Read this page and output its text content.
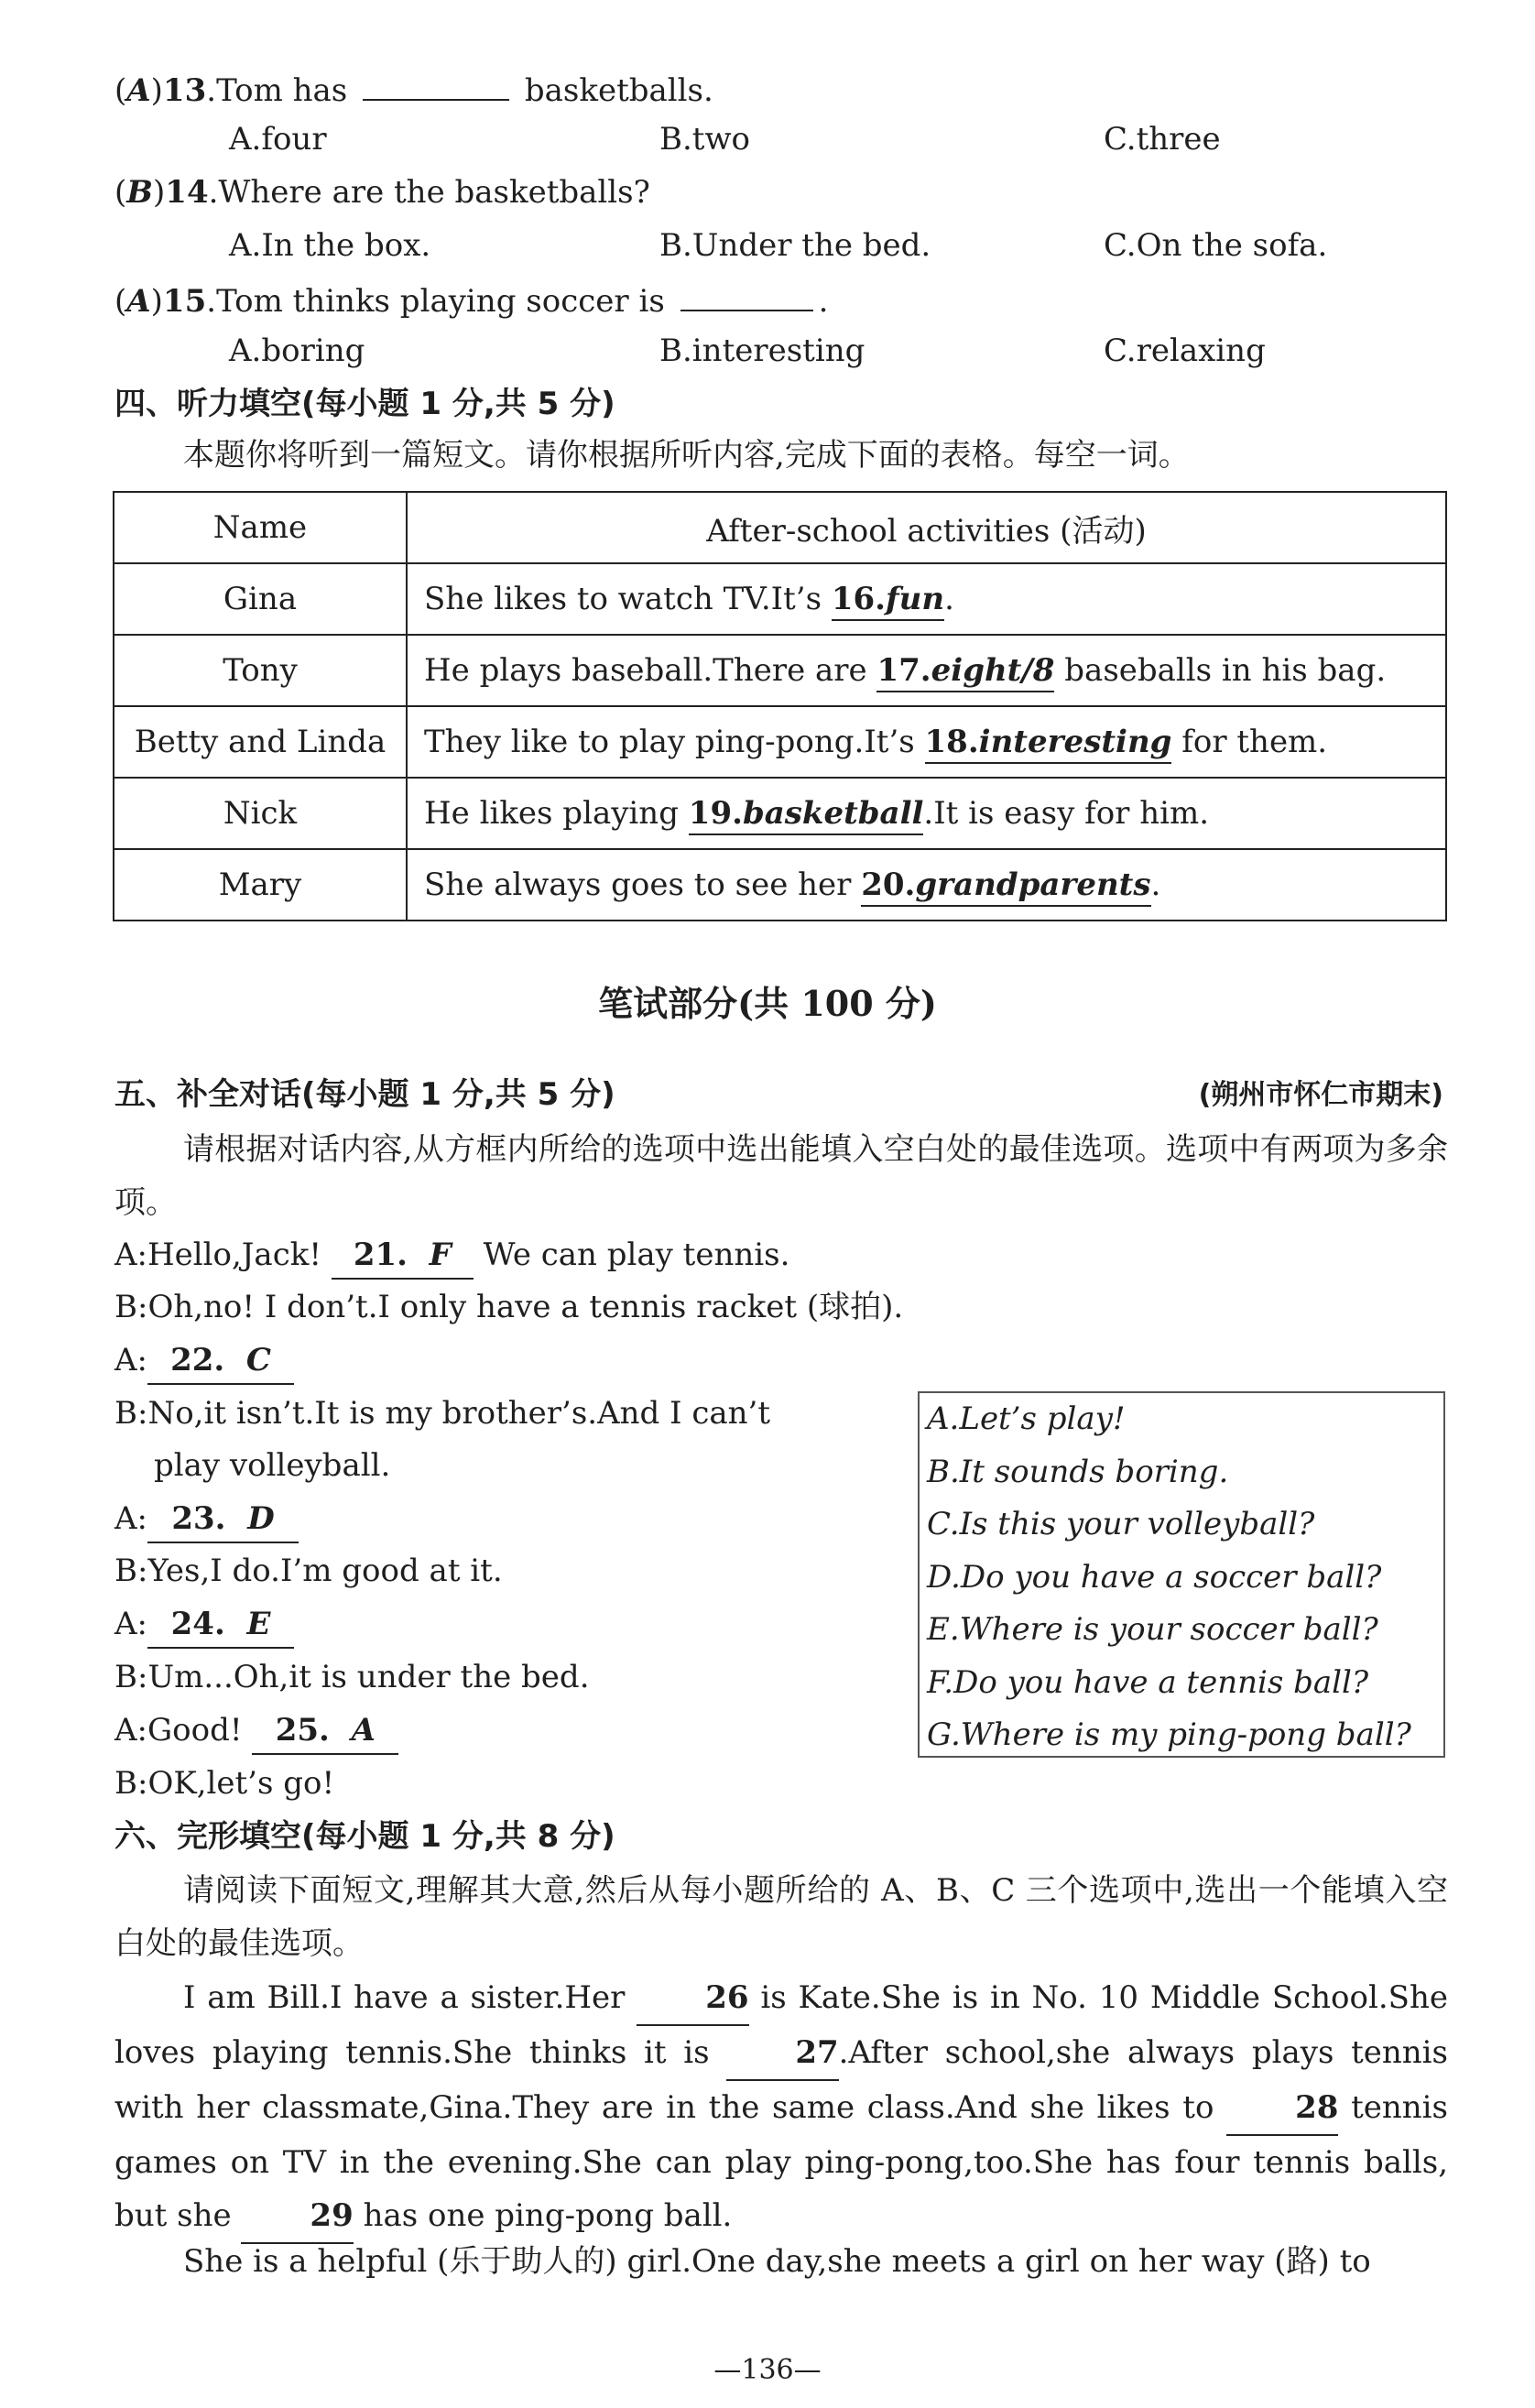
(A)13.Tom has	basketballs.
A.four	B.two	C.three
(B)14.Where are the basketballs?
A.In the box.	B.Under the bed.	C.On the sofa.
(A)15.Tom thinks playing soccer is	.
A.boring	B.interesting	C.relaxing
四、听力填空(每小题 1 分,共 5 分)
本题你将听到一篇短文。请你根据所听内容,完成下面的表格。每空一词。
Name	After-school activities (活动)
Gina	She likes to watch TV.It’s 16.fun.
Tony	He plays baseball.There are 17.eight/8 baseballs in his bag.
Betty and Linda	They like to play ping-pong.It’s 18.interesting for them.
Nick	He likes playing 19.basketball.It is easy for him.
Mary	She always goes to see her 20.grandparents.
笔试部分(共 100 分)
五、补全对话(每小题 1 分,共 5 分)	(朔州市怀仁市期末)
请根据对话内容,从方框内所给的选项中选出能填入空白处的最佳选项。选项中有两项为多余项。
A:Hello,Jack! 21. F We can play tennis.
B:Oh,no! I don’t.I only have a tennis racket (球拍).
A: 22. C
B:No,it isn’t.It is my brother’s.And I can’t
play volleyball.
A: 23. D
B:Yes,I do.I’m good at it.
A: 24. E
B:Um...Oh,it is under the bed.
A:Good! 25. A
B:OK,let’s go!
A.Let’s play!
B.It sounds boring.
C.Is this your volleyball?
D.Do you have a soccer ball?
E.Where is your soccer ball?
F.Do you have a tennis ball?
G.Where is my ping-pong ball?
六、完形填空(每小题 1 分,共 8 分)
请阅读下面短文,理解其大意,然后从每小题所给的 A、B、C 三个选项中,选出一个能填入空白处的最佳选项。
I am Bill.I have a sister.Her	26 is Kate.She is in No. 10 Middle School.She loves playing tennis.She thinks it is	27.After school,she always plays tennis with her classmate,Gina.They are in the same class.And she likes to	28 tennis games on TV in the evening.She can play ping-pong,too.She has four tennis balls, but she	29 has one ping-pong ball.
She is a helpful (乐于助人的) girl.One day,she meets a girl on her way (路) to
—136—
